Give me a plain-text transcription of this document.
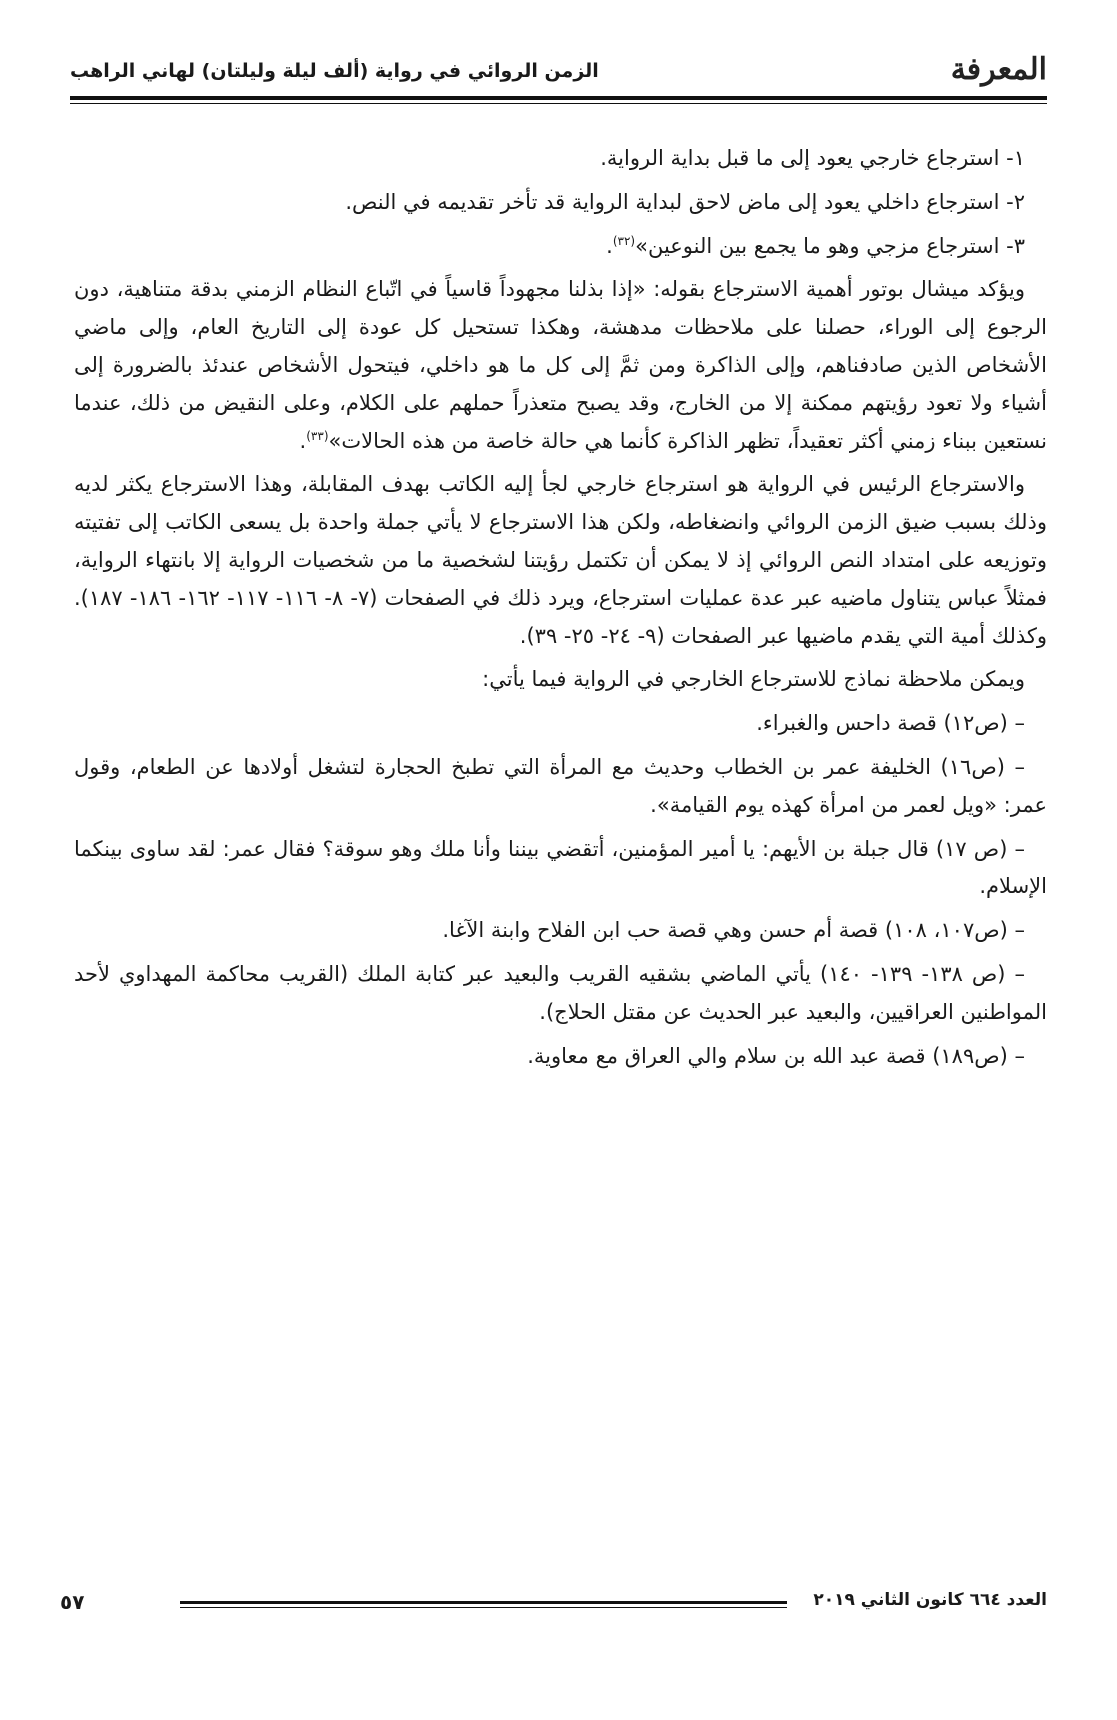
المعرفة
الزمن الروائي في رواية (ألف ليلة وليلتان) لهاني الراهب

١- استرجاع خارجي يعود إلى ما قبل بداية الرواية.

٢- استرجاع داخلي يعود إلى ماض لاحق لبداية الرواية قد تأخر تقديمه في النص.

٣- استرجاع مزجي وهو ما يجمع بين النوعين»$^{(٣٢)}$.

ويؤكد ميشال بوتور أهمية الاسترجاع بقوله: «إذا بذلنا مجهوداً قاسياً في اتّباع النظام الزمني بدقة متناهية، دون الرجوع إلى الوراء، حصلنا على ملاحظات مدهشة، وهكذا تستحيل كل عودة إلى التاريخ العام، وإلى ماضي الأشخاص الذين صادفناهم، وإلى الذاكرة ومن ثمَّ إلى كل ما هو داخلي، فيتحول الأشخاص عندئذ بالضرورة إلى أشياء ولا تعود رؤيتهم ممكنة إلا من الخارج، وقد يصبح متعذراً حملهم على الكلام، وعلى النقيض من ذلك، عندما نستعين ببناء زمني أكثر تعقيداً، تظهر الذاكرة كأنما هي حالة خاصة من هذه الحالات»$^{(٣٣)}$.

والاسترجاع الرئيس في الرواية هو استرجاع خارجي لجأ إليه الكاتب بهدف المقابلة، وهذا الاسترجاع يكثر لديه وذلك بسبب ضيق الزمن الروائي وانضغاطه، ولكن هذا الاسترجاع لا يأتي جملة واحدة بل يسعى الكاتب إلى تفتيته وتوزيعه على امتداد النص الروائي إذ لا يمكن أن تكتمل رؤيتنا لشخصية ما من شخصيات الرواية إلا بانتهاء الرواية، فمثلاً عباس يتناول ماضيه عبر عدة عمليات استرجاع، ويرد ذلك في الصفحات (٧- ٨- ١١٦- ١١٧- ١٦٢- ١٨٦- ١٨٧). وكذلك أمية التي يقدم ماضيها عبر الصفحات (٩- ٢٤- ٢٥- ٣٩).

ويمكن ملاحظة نماذج للاسترجاع الخارجي في الرواية فيما يأتي:

– (ص١٢) قصة داحس والغبراء.

– (ص١٦) الخليفة عمر بن الخطاب وحديث مع المرأة التي تطبخ الحجارة لتشغل أولادها عن الطعام، وقول عمر: «ويل لعمر من امرأة كهذه يوم القيامة».

– (ص ١٧) قال جبلة بن الأيهم: يا أمير المؤمنين، أتقضي بيننا وأنا ملك وهو سوقة؟ فقال عمر: لقد ساوى بينكما الإسلام.

– (ص١٠٧، ١٠٨) قصة أم حسن وهي قصة حب ابن الفلاح وابنة الآغا.

– (ص ١٣٨- ١٣٩- ١٤٠) يأتي الماضي بشقيه القريب والبعيد عبر كتابة الملك (القريب محاكمة المهداوي لأحد المواطنين العراقيين، والبعيد عبر الحديث عن مقتل الحلاج).

– (ص١٨٩) قصة عبد الله بن سلام والي العراق مع معاوية.

٥٧	العدد ٦٦٤ كانون الثاني ٢٠١٩
